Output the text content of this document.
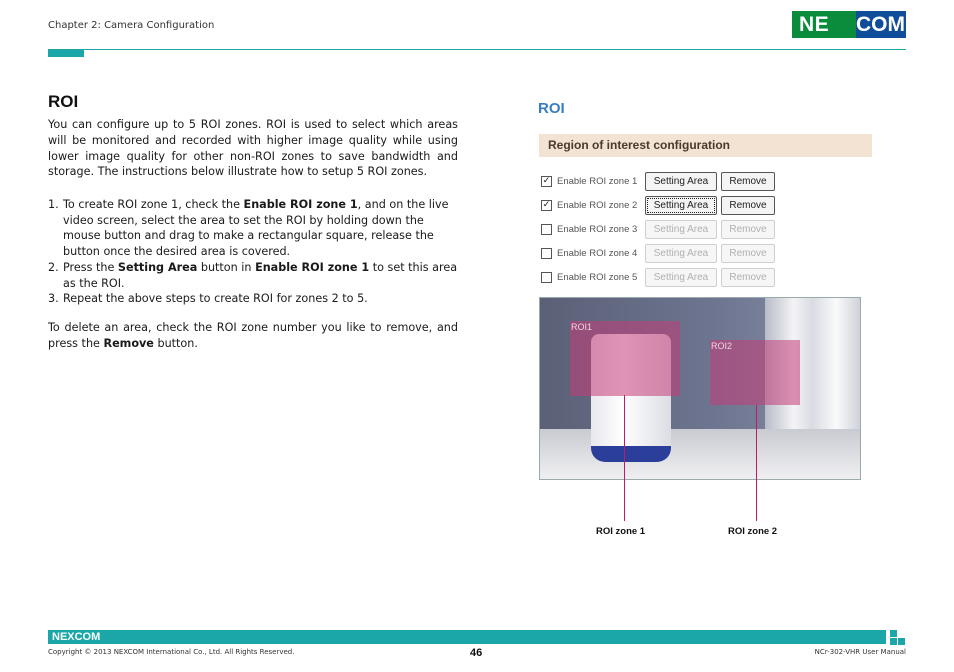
Chapter 2: Camera Configuration	NE COM
ROI
You can configure up to 5 ROI zones. ROI is used to select which areas will be monitored and recorded with higher image quality while using lower image quality for other non-ROI zones to save bandwidth and storage. The instructions below illustrate how to setup 5 ROI zones.
1. To create ROI zone 1, check the Enable ROI zone 1, and on the live video screen, select the area to set the ROI by holding down the mouse button and drag to make a rectangular square, release the button once the desired area is covered.
2. Press the Setting Area button in Enable ROI zone 1 to set this area as the ROI.
3. Repeat the above steps to create ROI for zones 2 to 5.
To delete an area, check the ROI zone number you like to remove, and press the Remove button.
ROI
Region of interest configuration
✓ Enable ROI zone 1	Setting Area	Remove
✓ Enable ROI zone 2	Setting Area	Remove
Enable ROI zone 3	Setting Area	Remove
Enable ROI zone 4	Setting Area	Remove
Enable ROI zone 5	Setting Area	Remove
ROI1
ROI2
ROI zone 1	ROI zone 2
NEXCOM
Copyright © 2013 NEXCOM International Co., Ltd. All Rights Reserved.	46	NCr-302-VHR User Manual
